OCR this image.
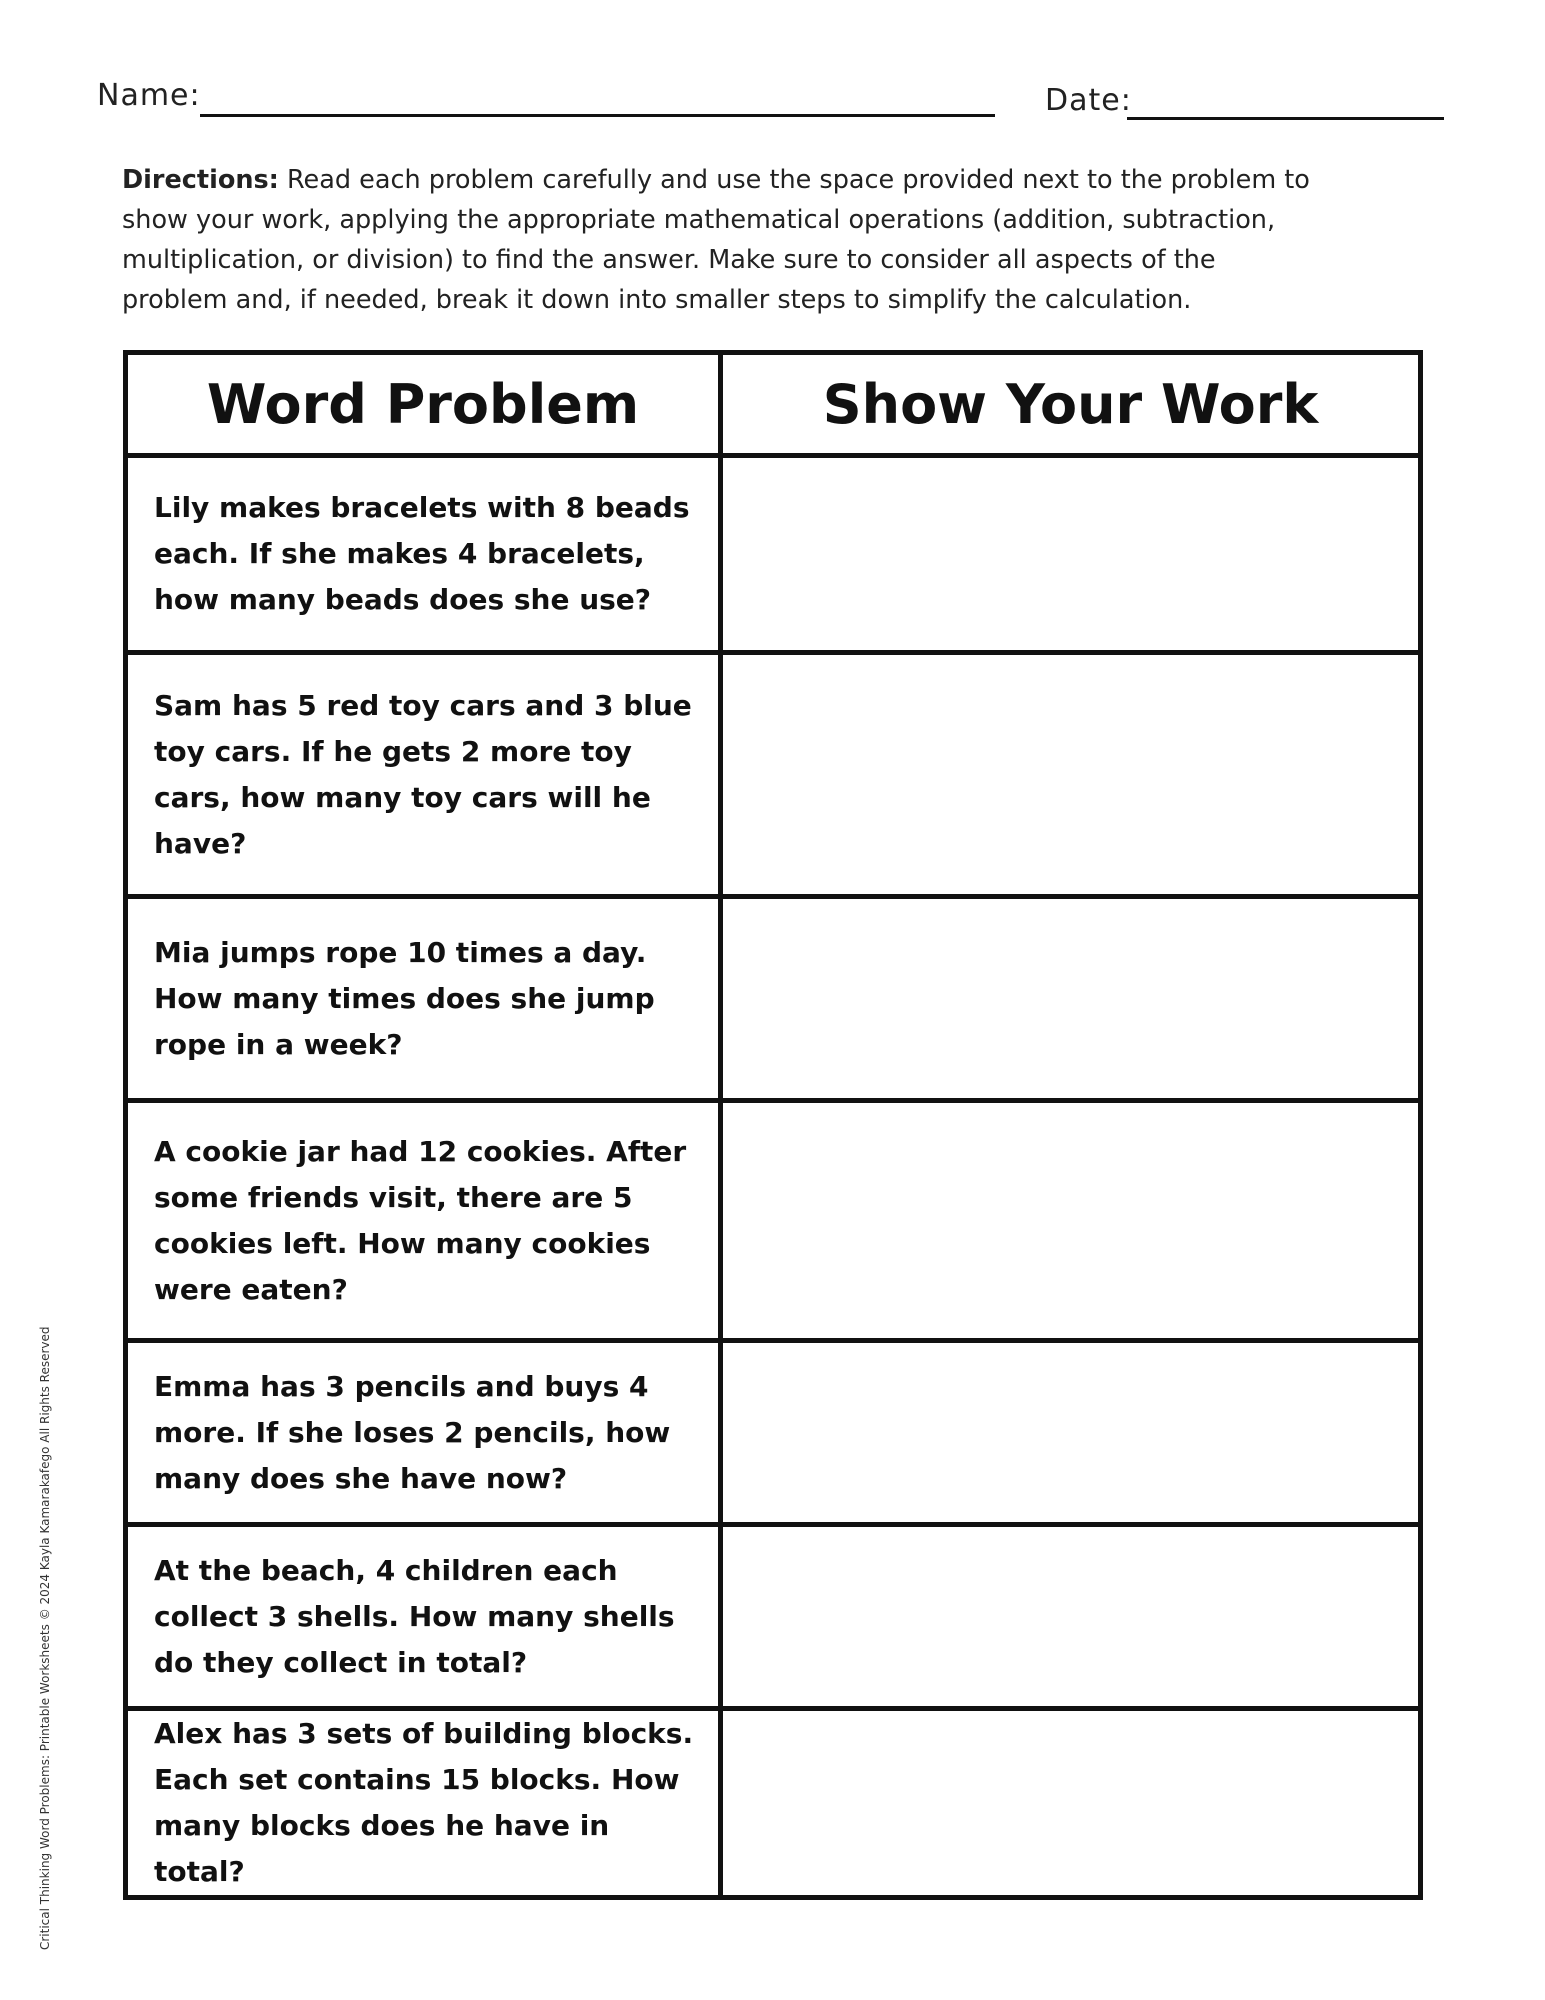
Name:	Date:
Directions: Read each problem carefully and use the space provided next to the problem to
show your work, applying the appropriate mathematical operations (addition, subtraction,
multiplication, or division) to find the answer. Make sure to consider all aspects of the
problem and, if needed, break it down into smaller steps to simplify the calculation.
Word Problem	Show Your Work

Lily makes bracelets with 8 beads each. If she makes 4 bracelets, how many beads does she use?	

Sam has 5 red toy cars and 3 blue toy cars. If he gets 2 more toy cars, how many toy cars will he have?	

Mia jumps rope 10 times a day. How many times does she jump rope in a week?	

A cookie jar had 12 cookies. After some friends visit, there are 5 cookies left. How many cookies were eaten?	

Emma has 3 pencils and buys 4 more. If she loses 2 pencils, how many does she have now?	

At the beach, 4 children each collect 3 shells. How many shells do they collect in total?	

Alex has 3 sets of building blocks. Each set contains 15 blocks. How many blocks does he have in total?	

Critical Thinking Word Problems: Printable Worksheets © 2024 Kayla Kamarakafego All Rights Reserved
